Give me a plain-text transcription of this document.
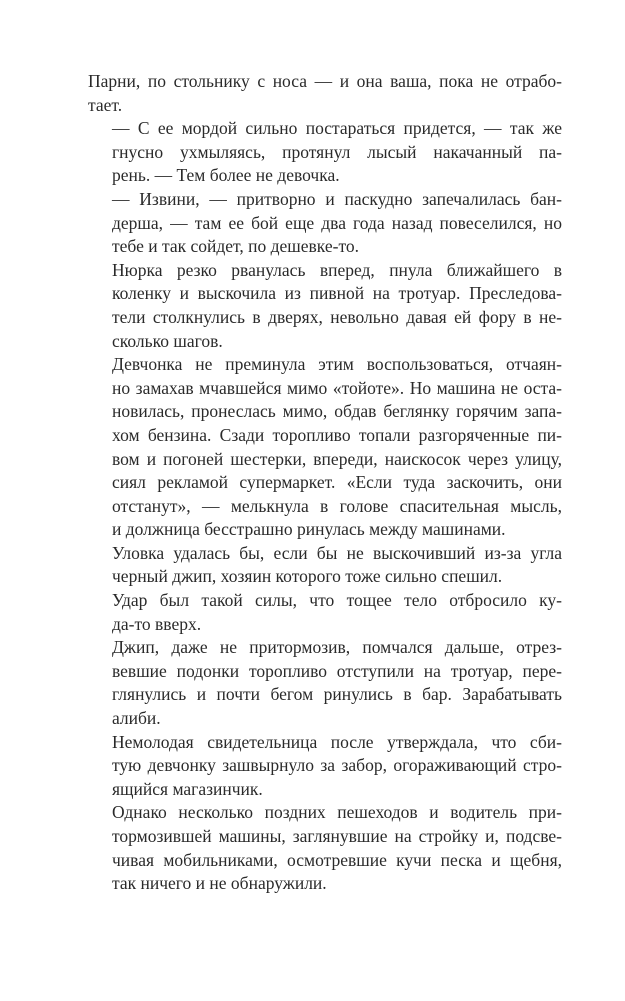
Парни, по стольнику с носа — и она ваша, пока не отрабо-
тает.

— С ее мордой сильно постараться придется, — так же
гнусно ухмыляясь, протянул лысый накачанный па-
рень. — Тем более не девочка.

— Извини, — притворно и паскудно запечалилась бан-
дерша, — там ее бой еще два года назад повеселился, но
тебе и так сойдет, по дешевке-то.

Нюрка резко рванулась вперед, пнула ближайшего в
коленку и выскочила из пивной на тротуар. Преследова-
тели столкнулись в дверях, невольно давая ей фору в не-
сколько шагов.

Девчонка не преминула этим воспользоваться, отчаян-
но замахав мчавшейся мимо «тойоте». Но машина не оста-
новилась, пронеслась мимо, обдав беглянку горячим запа-
хом бензина. Сзади торопливо топали разгоряченные пи-
вом и погоней шестерки, впереди, наискосок через улицу,
сиял рекламой супермаркет. «Если туда заскочить, они
отстанут», — мелькнула в голове спасительная мысль,
и должница бесстрашно ринулась между машинами.

Уловка удалась бы, если бы не выскочивший из-за угла
черный джип, хозяин которого тоже сильно спешил.

Удар был такой силы, что тощее тело отбросило ку-
да-то вверх.

Джип, даже не притормозив, помчался дальше, отрез-
вевшие подонки торопливо отступили на тротуар, пере-
глянулись и почти бегом ринулись в бар. Зарабатывать
алиби.

Немолодая свидетельница после утверждала, что сби-
тую девчонку зашвырнуло за забор, огораживающий стро-
ящийся магазинчик.

Однако несколько поздних пешеходов и водитель при-
тормозившей машины, заглянувшие на стройку и, подсве-
чивая мобильниками, осмотревшие кучи песка и щебня,
так ничего и не обнаружили.
